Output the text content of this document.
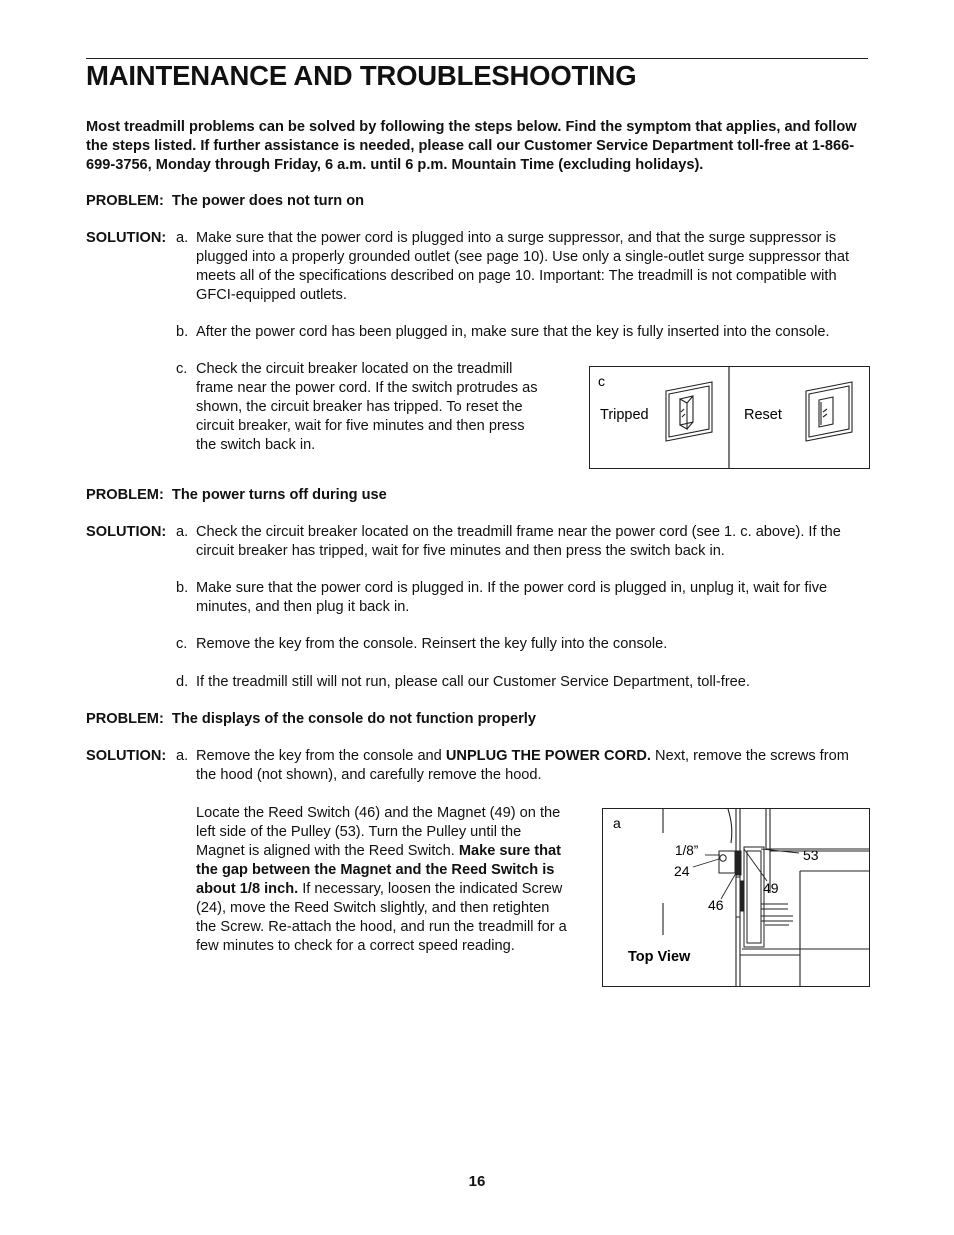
MAINTENANCE AND TROUBLESHOOTING
Most treadmill problems can be solved by following the steps below. Find the symptom that applies, and follow the steps listed. If further assistance is needed, please call our Customer Service Department toll-free at 1-866-699-3756, Monday through Friday, 6 a.m. until 6 p.m. Mountain Time (excluding holidays).
PROBLEM: The power does not turn on
SOLUTION: a. Make sure that the power cord is plugged into a surge suppressor, and that the surge suppressor is plugged into a properly grounded outlet (see page 10). Use only a single-outlet surge suppressor that meets all of the specifications described on page 10. Important: The treadmill is not compatible with GFCI-equipped outlets.
b. After the power cord has been plugged in, make sure that the key is fully inserted into the console.
c. Check the circuit breaker located on the treadmill frame near the power cord. If the switch protrudes as shown, the circuit breaker has tripped. To reset the circuit breaker, wait for five minutes and then press the switch back in.
c
Tripped	Reset
PROBLEM: The power turns off during use
SOLUTION: a. Check the circuit breaker located on the treadmill frame near the power cord (see 1. c. above). If the circuit breaker has tripped, wait for five minutes and then press the switch back in.
b. Make sure that the power cord is plugged in. If the power cord is plugged in, unplug it, wait for five minutes, and then plug it back in.
c. Remove the key from the console. Reinsert the key fully into the console.
d. If the treadmill still will not run, please call our Customer Service Department, toll-free.
PROBLEM: The displays of the console do not function properly
SOLUTION: a. Remove the key from the console and UNPLUG THE POWER CORD. Next, remove the screws from the hood (not shown), and carefully remove the hood.
Locate the Reed Switch (46) and the Magnet (49) on the left side of the Pulley (53). Turn the Pulley until the Magnet is aligned with the Reed Switch. Make sure that the gap between the Magnet and the Reed Switch is about 1/8 inch. If necessary, loosen the indicated Screw (24), move the Reed Switch slightly, and then retighten the Screw. Re-attach the hood, and run the treadmill for a few minutes to check for a correct speed reading.
a
1/8”
24
46
49
53
Top View
16
